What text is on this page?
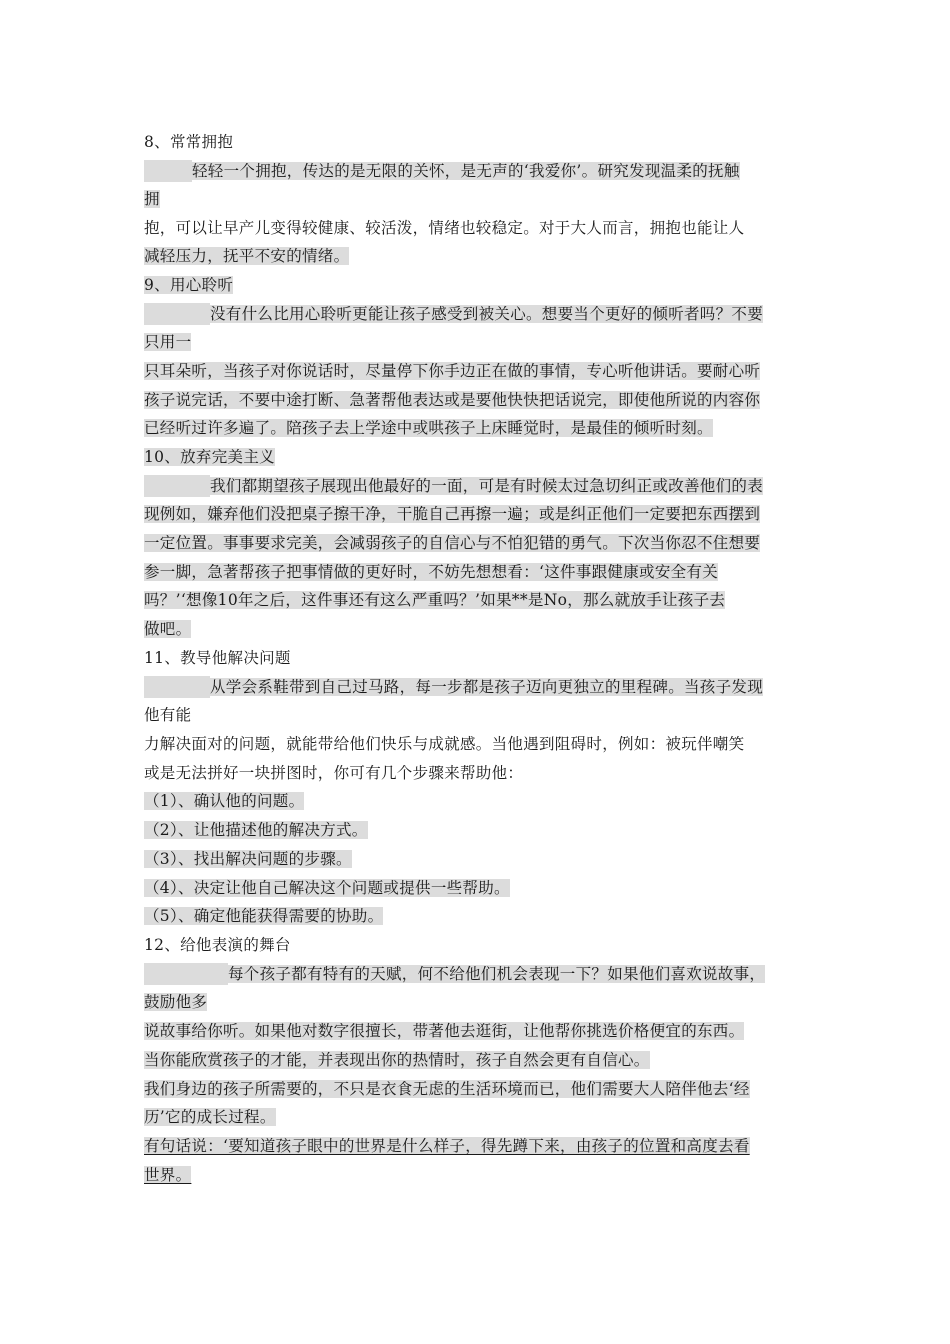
8、常常拥抱
轻轻一个拥抱，传达的是无限的关怀，是无声的‘我爱你’。研究发现温柔的抚触
拥
抱，可以让早产儿变得较健康、较活泼，情绪也较稳定。对于大人而言，拥抱也能让人
减轻压力，抚平不安的情绪。
9、用心聆听
没有什么比用心聆听更能让孩子感受到被关心。想要当个更好的倾听者吗？不要
只用一
只耳朵听，当孩子对你说话时，尽量停下你手边正在做的事情，专心听他讲话。要耐心听
孩子说完话，不要中途打断、急著帮他表达或是要他快快把话说完，即使他所说的内容你
已经听过许多遍了。陪孩子去上学途中或哄孩子上床睡觉时，是最佳的倾听时刻。
10、放弃完美主义
我们都期望孩子展现出他最好的一面，可是有时候太过急切纠正或改善他们的表
现例如，嫌弃他们没把桌子擦干净，干脆自己再擦一遍；或是纠正他们一定要把东西摆到
一定位置。事事要求完美，会减弱孩子的自信心与不怕犯错的勇气。下次当你忍不住想要
参一脚，急著帮孩子把事情做的更好时，不妨先想想看：‘这件事跟健康或安全有关
吗？’‘想像10年之后，这件事还有这么严重吗？’如果**是No，那么就放手让孩子去
做吧。
11、教导他解决问题
从学会系鞋带到自己过马路，每一步都是孩子迈向更独立的里程碑。当孩子发现
他有能
力解决面对的问题，就能带给他们快乐与成就感。当他遇到阻碍时，例如：被玩伴嘲笑
或是无法拼好一块拼图时，你可有几个步骤来帮助他：
（1）、确认他的问题。
（2）、让他描述他的解决方式。
（3）、找出解决问题的步骤。
（4）、决定让他自己解决这个问题或提供一些帮助。
（5）、确定他能获得需要的协助。
12、给他表演的舞台
每个孩子都有特有的天赋，何不给他们机会表现一下？如果他们喜欢说故事，
鼓励他多
说故事给你听。如果他对数字很擅长，带著他去逛街，让他帮你挑选价格便宜的东西。
当你能欣赏孩子的才能，并表现出你的热情时，孩子自然会更有自信心。
我们身边的孩子所需要的，不只是衣食无虑的生活环境而已，他们需要大人陪伴他去‘经
历’它的成长过程。
有句话说：‘要知道孩子眼中的世界是什么样子，得先蹲下来，由孩子的位置和高度去看
世界。
